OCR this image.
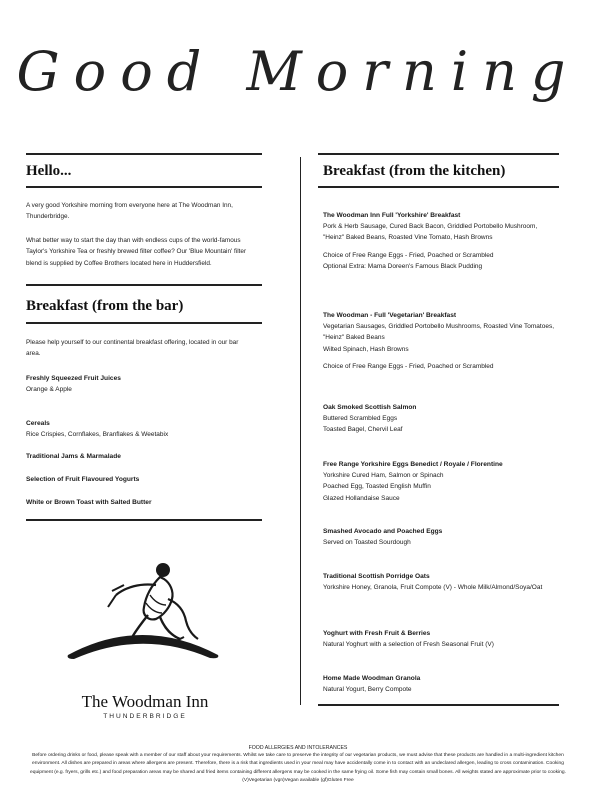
Good Morning
Hello...
A very good Yorkshire morning from everyone here at The Woodman Inn, Thunderbridge.
What better way to start the day than with endless cups of the world-famous Taylor's Yorkshire Tea or freshly brewed filter coffee? Our 'Blue Mountain' filter blend is supplied by Coffee Brothers located here in Huddersfield.
Breakfast (from the bar)
Please help yourself to our continental breakfast offering, located in our bar area.
Freshly Squeezed Fruit Juices
Orange & Apple
Cereals
Rice Crispies, Cornflakes, Branflakes & Weetabix
Traditional Jams & Marmalade
Selection of Fruit Flavoured Yogurts
White or Brown Toast with Salted Butter
The Woodman Inn
THUNDERBRIDGE
Breakfast (from the kitchen)
The Woodman Inn Full 'Yorkshire' Breakfast
Pork & Herb Sausage, Cured Back Bacon, Griddled Portobello Mushroom, "Heinz" Baked Beans, Roasted Vine Tomato, Hash Browns
Choice of Free Range Eggs - Fried, Poached or Scrambled
Optional Extra: Mama Doreen's Famous Black Pudding
The Woodman - Full 'Vegetarian' Breakfast
Vegetarian Sausages, Griddled Portobello Mushrooms, Roasted Vine Tomatoes, "Heinz" Baked Beans
Wilted Spinach, Hash Browns
Choice of Free Range Eggs - Fried, Poached or Scrambled
Oak Smoked Scottish Salmon
Buttered Scrambled Eggs
Toasted Bagel, Chervil Leaf
Free Range Yorkshire Eggs Benedict / Royale / Florentine
Yorkshire Cured Ham, Salmon or Spinach
Poached Egg, Toasted English Muffin
Glazed Hollandaise Sauce
Smashed Avocado and Poached Eggs
Served on Toasted Sourdough
Traditional Scottish Porridge Oats
Yorkshire Honey, Granola, Fruit Compote (V) - Whole Milk/Almond/Soya/Oat
Yoghurt with Fresh Fruit & Berries
Natural Yoghurt with a selection of Fresh Seasonal Fruit (V)
Home Made Woodman Granola
Natural Yogurt, Berry Compote
FOOD ALLERGIES AND INTOLERANCES
Before ordering drinks or food, please speak with a member of our staff about your requirements. Whilst we take care to preserve the integrity of our vegetarian products, we must advise that these products are handled in a multi-ingredient kitchen environment. All dishes are prepared in areas where allergens are present. Therefore, there is a risk that ingredients used in your meal may have accidentally come in to contact with an undeclared allergen, leading to cross contamination. Cooking equipment (e.g. fryers, grills etc.) and food preparation areas may be shared and fried items containing different allergens may be cooked in the same frying oil. Some fish may contain small bones. All weights stated are approximate prior to cooking.
(V)Vegetarian (vgn)Vegan available (gf)Gluten Free
